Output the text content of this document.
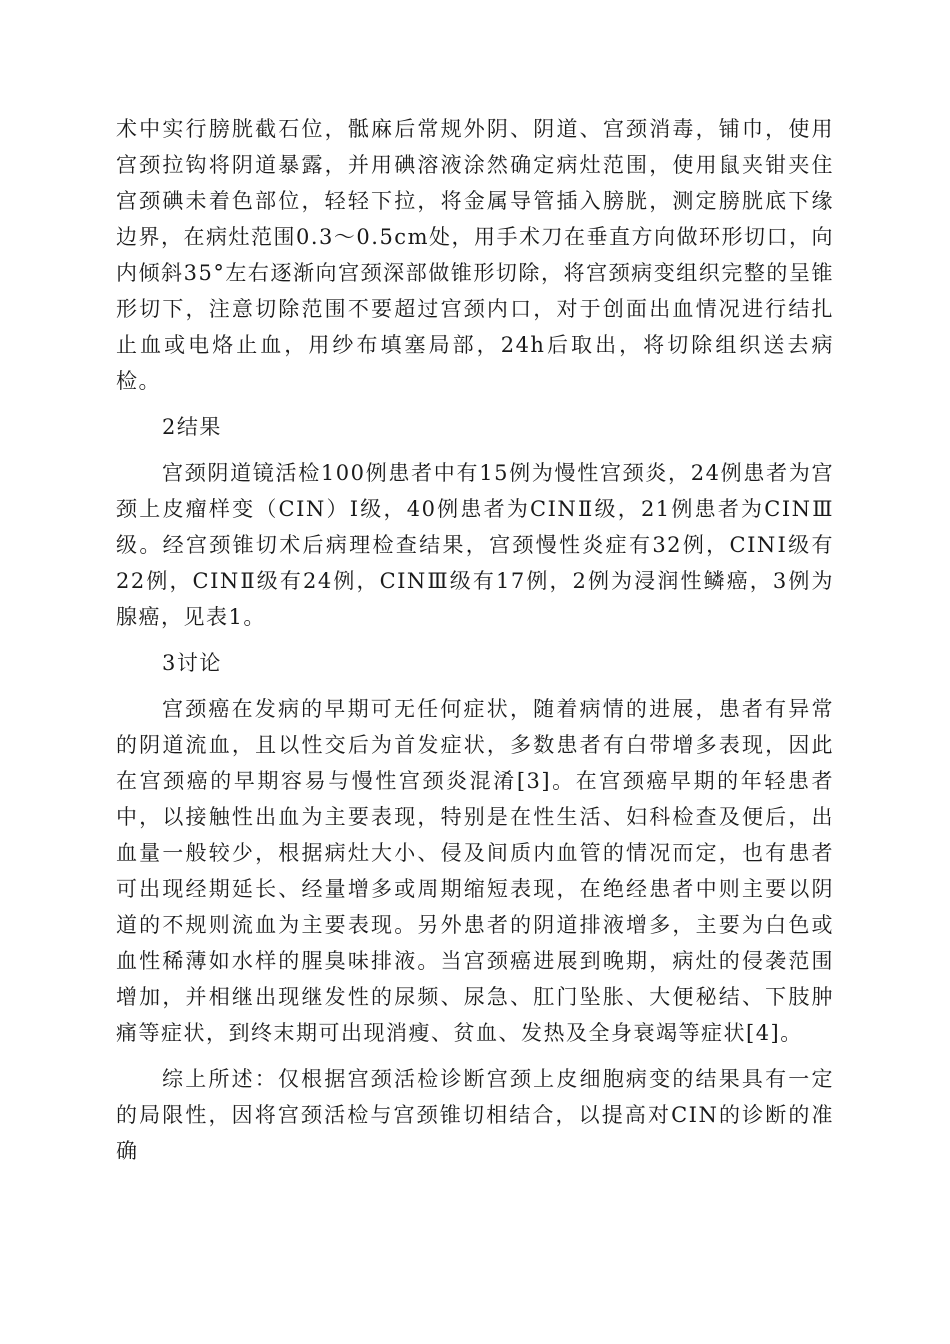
术中实行膀胱截石位，骶麻后常规外阴、阴道、宫颈消毒，铺巾，使用宫颈拉钩将阴道暴露，并用碘溶液涂然确定病灶范围，使用鼠夹钳夹住宫颈碘未着色部位，轻轻下拉，将金属导管插入膀胱，测定膀胱底下缘边界，在病灶范围0.3～0.5cm处，用手术刀在垂直方向做环形切口，向内倾斜35°左右逐渐向宫颈深部做锥形切除，将宫颈病变组织完整的呈锥形切下，注意切除范围不要超过宫颈内口，对于创面出血情况进行结扎止血或电烙止血，用纱布填塞局部，24h后取出，将切除组织送去病检。

2结果

宫颈阴道镜活检100例患者中有15例为慢性宫颈炎，24例患者为宫颈上皮瘤样变（CIN）Ⅰ级，40例患者为CINⅡ级，21例患者为CINⅢ级。经宫颈锥切术后病理检查结果，宫颈慢性炎症有32例，CINⅠ级有22例，CINⅡ级有24例，CINⅢ级有17例，2例为浸润性鳞癌，3例为腺癌，见表1。

3讨论

宫颈癌在发病的早期可无任何症状，随着病情的进展，患者有异常的阴道流血，且以性交后为首发症状，多数患者有白带增多表现，因此在宫颈癌的早期容易与慢性宫颈炎混淆[3]。在宫颈癌早期的年轻患者中，以接触性出血为主要表现，特别是在性生活、妇科检查及便后，出血量一般较少，根据病灶大小、侵及间质内血管的情况而定，也有患者可出现经期延长、经量增多或周期缩短表现，在绝经患者中则主要以阴道的不规则流血为主要表现。另外患者的阴道排液增多，主要为白色或血性稀薄如水样的腥臭味排液。当宫颈癌进展到晚期，病灶的侵袭范围增加，并相继出现继发性的尿频、尿急、肛门坠胀、大便秘结、下肢肿痛等症状，到终末期可出现消瘦、贫血、发热及全身衰竭等症状[4]。

综上所述：仅根据宫颈活检诊断宫颈上皮细胞病变的结果具有一定的局限性，因将宫颈活检与宫颈锥切相结合，以提高对CIN的诊断的准确
